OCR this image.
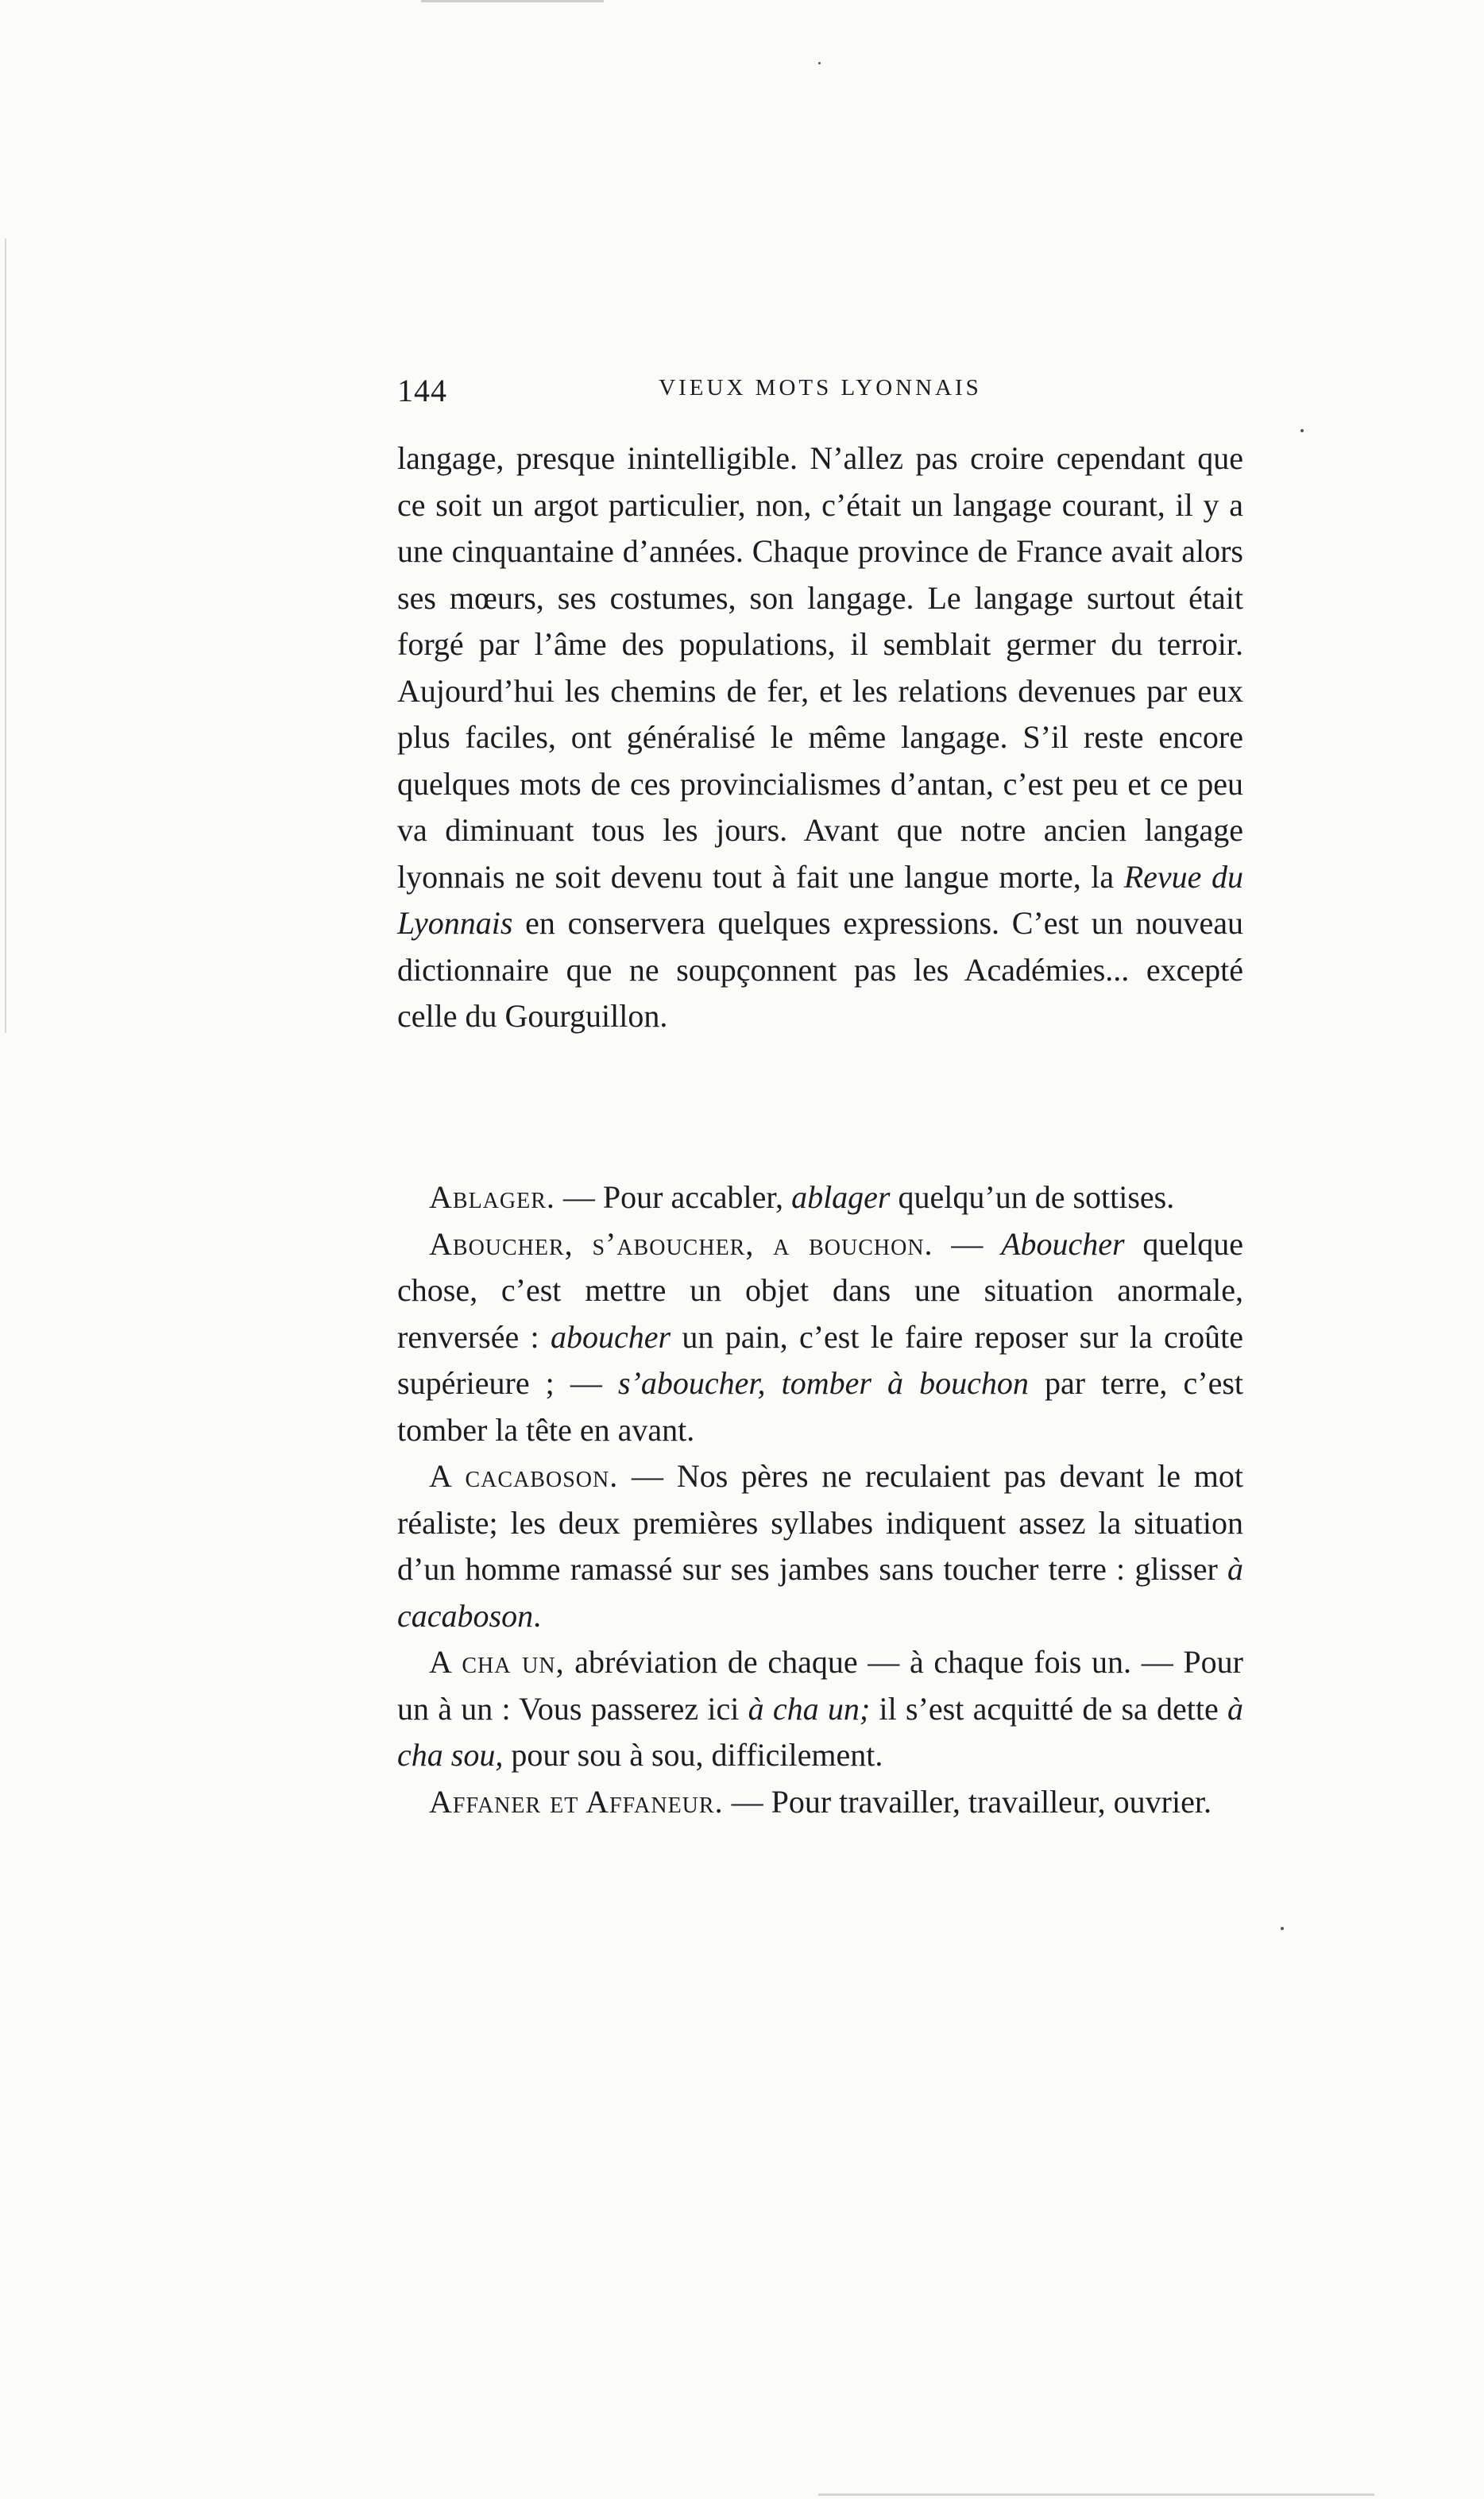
144	VIEUX MOTS LYONNAIS

langage, presque inintelligible. N’allez pas croire cependant que ce soit un argot particulier, non, c’était un langage courant, il y a une cinquantaine d’années. Chaque province de France avait alors ses mœurs, ses costumes, son langage. Le langage surtout était forgé par l’âme des populations, il semblait germer du terroir. Aujourd’hui les chemins de fer, et les relations devenues par eux plus faciles, ont généralisé le même langage. S’il reste encore quelques mots de ces provincialismes d’antan, c’est peu et ce peu va diminuant tous les jours. Avant que notre ancien langage lyonnais ne soit devenu tout à fait une langue morte, la Revue du Lyonnais en conservera quelques expressions. C’est un nouveau dictionnaire que ne soupçonnent pas les Académies... excepté celle du Gourguillon.

Ablager. — Pour accabler, ablager quelqu’un de sottises.

Aboucher, s’aboucher, a bouchon. — Aboucher quelque chose, c’est mettre un objet dans une situation anormale, renversée : aboucher un pain, c’est le faire reposer sur la croûte supérieure ; — s’aboucher, tomber à bouchon par terre, c’est tomber la tête en avant.

A cacaboson. — Nos pères ne reculaient pas devant le mot réaliste; les deux premières syllabes indiquent assez la situation d’un homme ramassé sur ses jambes sans toucher terre : glisser à cacaboson.

A cha un, abréviation de chaque — à chaque fois un. — Pour un à un : Vous passerez ici à cha un; il s’est acquitté de sa dette à cha sou, pour sou à sou, difficilement.

Affaner et Affaneur. — Pour travailler, travailleur, ouvrier.
